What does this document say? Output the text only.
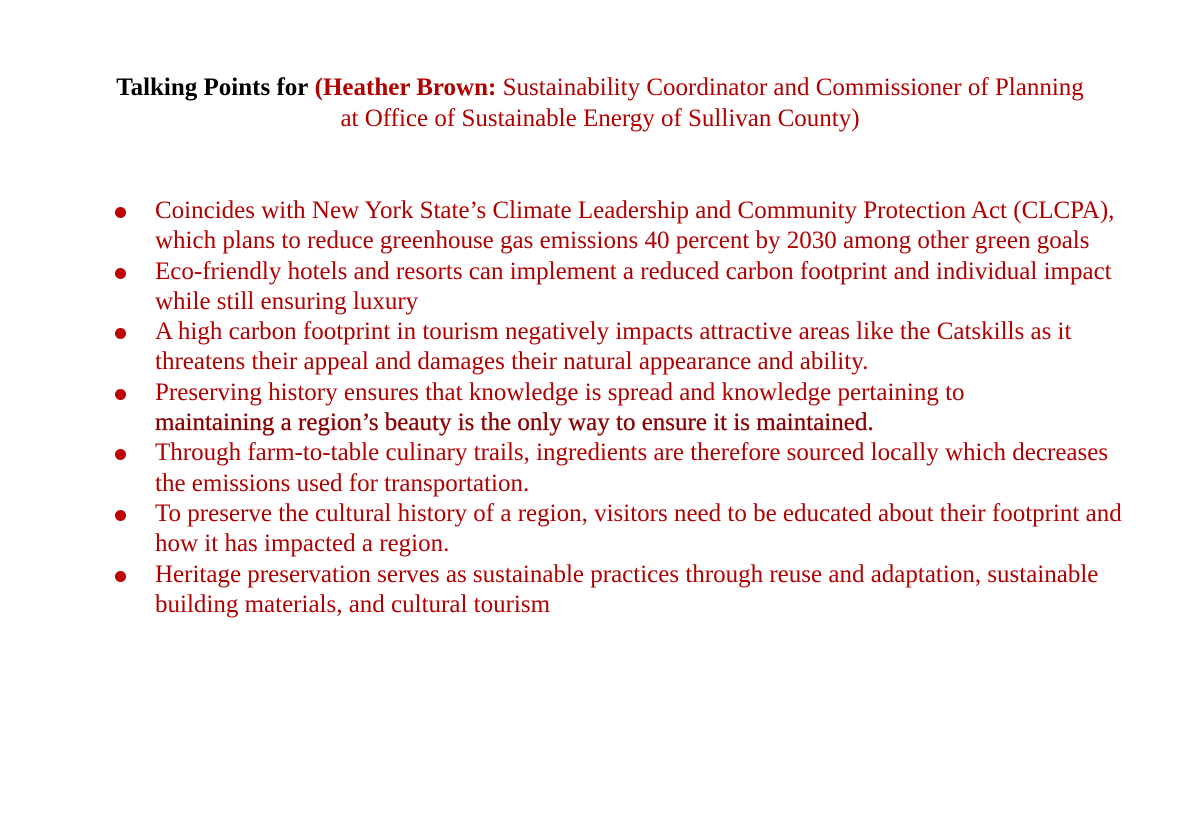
Talking Points for (Heather Brown: Sustainability Coordinator and Commissioner of Planning
at Office of Sustainable Energy of Sullivan County)
Coincides with New York State’s Climate Leadership and Community Protection Act (CLCPA), which plans to reduce greenhouse gas emissions 40 percent by 2030 among other green goals
Eco-friendly hotels and resorts can implement a reduced carbon footprint and individual impact while still ensuring luxury
A high carbon footprint in tourism negatively impacts attractive areas like the Catskills as it threatens their appeal and damages their natural appearance and ability.
Preserving history ensures that knowledge is spread and knowledge pertaining to
maintaining a region’s beauty is the only way to ensure it is maintained.
Through farm-to-table culinary trails, ingredients are therefore sourced locally which decreases the emissions used for transportation.
To preserve the cultural history of a region, visitors need to be educated about their footprint and how it has impacted a region.
Heritage preservation serves as sustainable practices through reuse and adaptation, sustainable building materials, and cultural tourism
